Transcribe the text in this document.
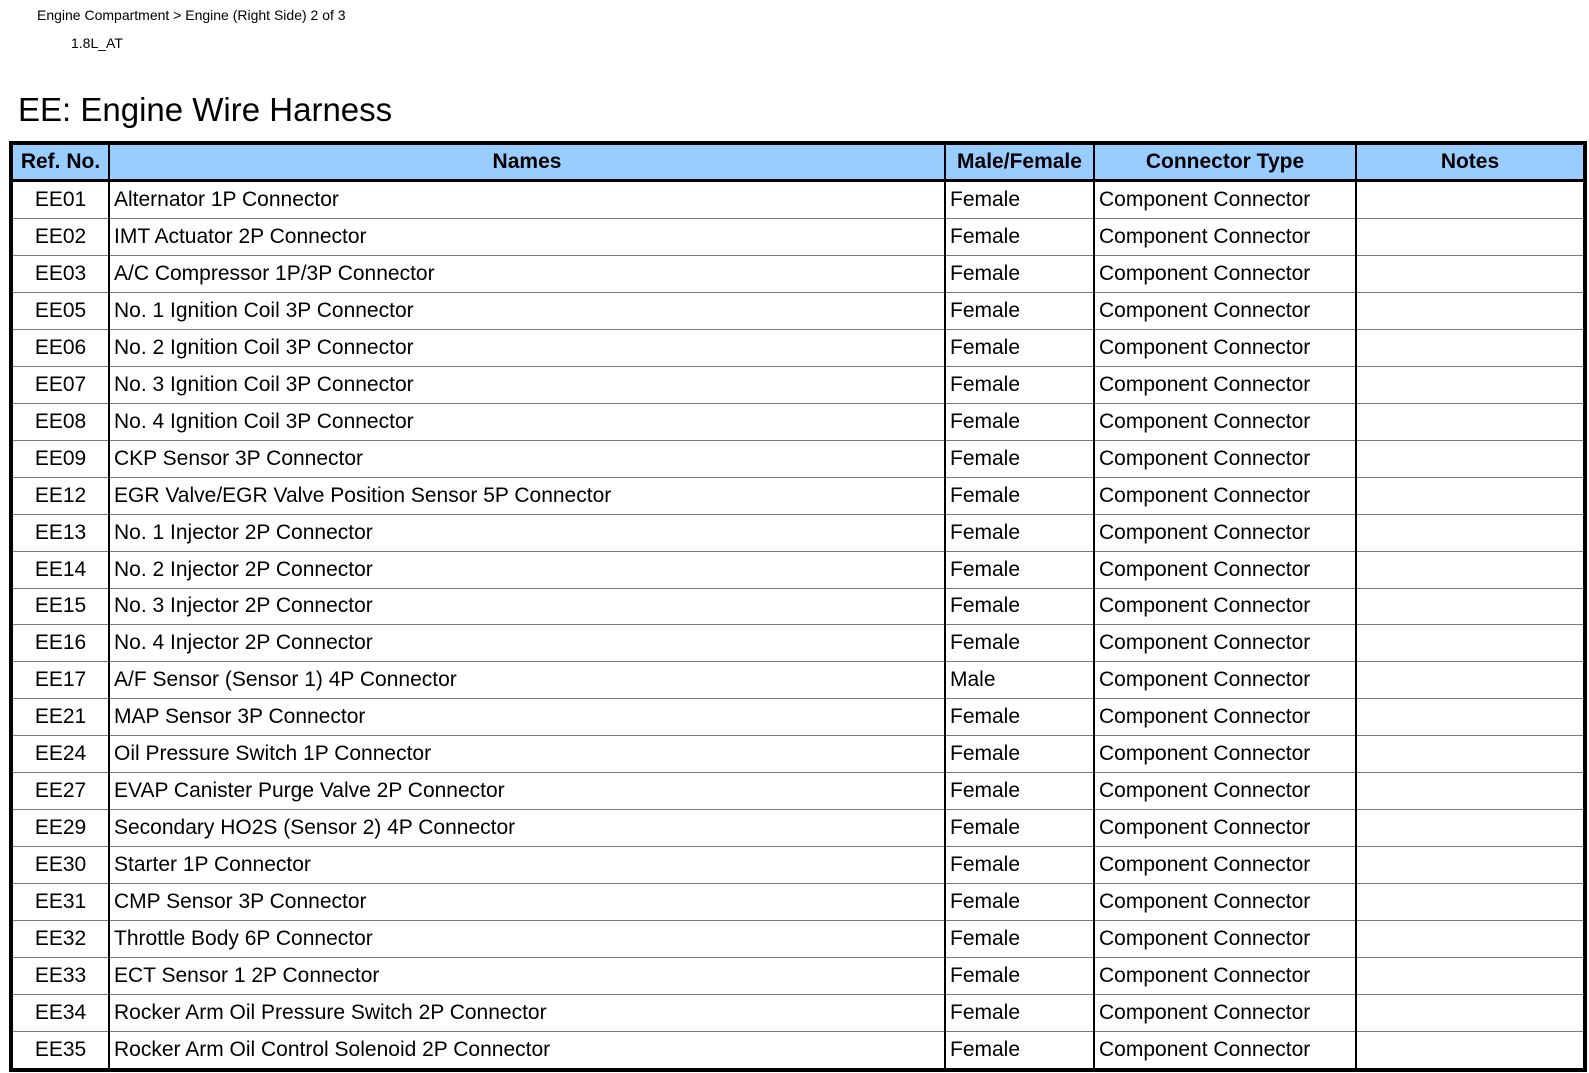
Engine Compartment > Engine (Right Side) 2 of 3
1.8L_AT
EE: Engine Wire Harness
Ref. No.	Names	Male/Female	Connector Type	Notes
EE01	Alternator 1P Connector	Female	Component Connector	
EE02	IMT Actuator 2P Connector	Female	Component Connector	
EE03	A/C Compressor 1P/3P Connector	Female	Component Connector	
EE05	No. 1 Ignition Coil 3P Connector	Female	Component Connector	
EE06	No. 2 Ignition Coil 3P Connector	Female	Component Connector	
EE07	No. 3 Ignition Coil 3P Connector	Female	Component Connector	
EE08	No. 4 Ignition Coil 3P Connector	Female	Component Connector	
EE09	CKP Sensor 3P Connector	Female	Component Connector	
EE12	EGR Valve/EGR Valve Position Sensor 5P Connector	Female	Component Connector	
EE13	No. 1 Injector 2P Connector	Female	Component Connector	
EE14	No. 2 Injector 2P Connector	Female	Component Connector	
EE15	No. 3 Injector 2P Connector	Female	Component Connector	
EE16	No. 4 Injector 2P Connector	Female	Component Connector	
EE17	A/F Sensor (Sensor 1) 4P Connector	Male	Component Connector	
EE21	MAP Sensor 3P Connector	Female	Component Connector	
EE24	Oil Pressure Switch 1P Connector	Female	Component Connector	
EE27	EVAP Canister Purge Valve 2P Connector	Female	Component Connector	
EE29	Secondary HO2S (Sensor 2) 4P Connector	Female	Component Connector	
EE30	Starter 1P Connector	Female	Component Connector	
EE31	CMP Sensor 3P Connector	Female	Component Connector	
EE32	Throttle Body 6P Connector	Female	Component Connector	
EE33	ECT Sensor 1 2P Connector	Female	Component Connector	
EE34	Rocker Arm Oil Pressure Switch 2P Connector	Female	Component Connector	
EE35	Rocker Arm Oil Control Solenoid 2P Connector	Female	Component Connector	
